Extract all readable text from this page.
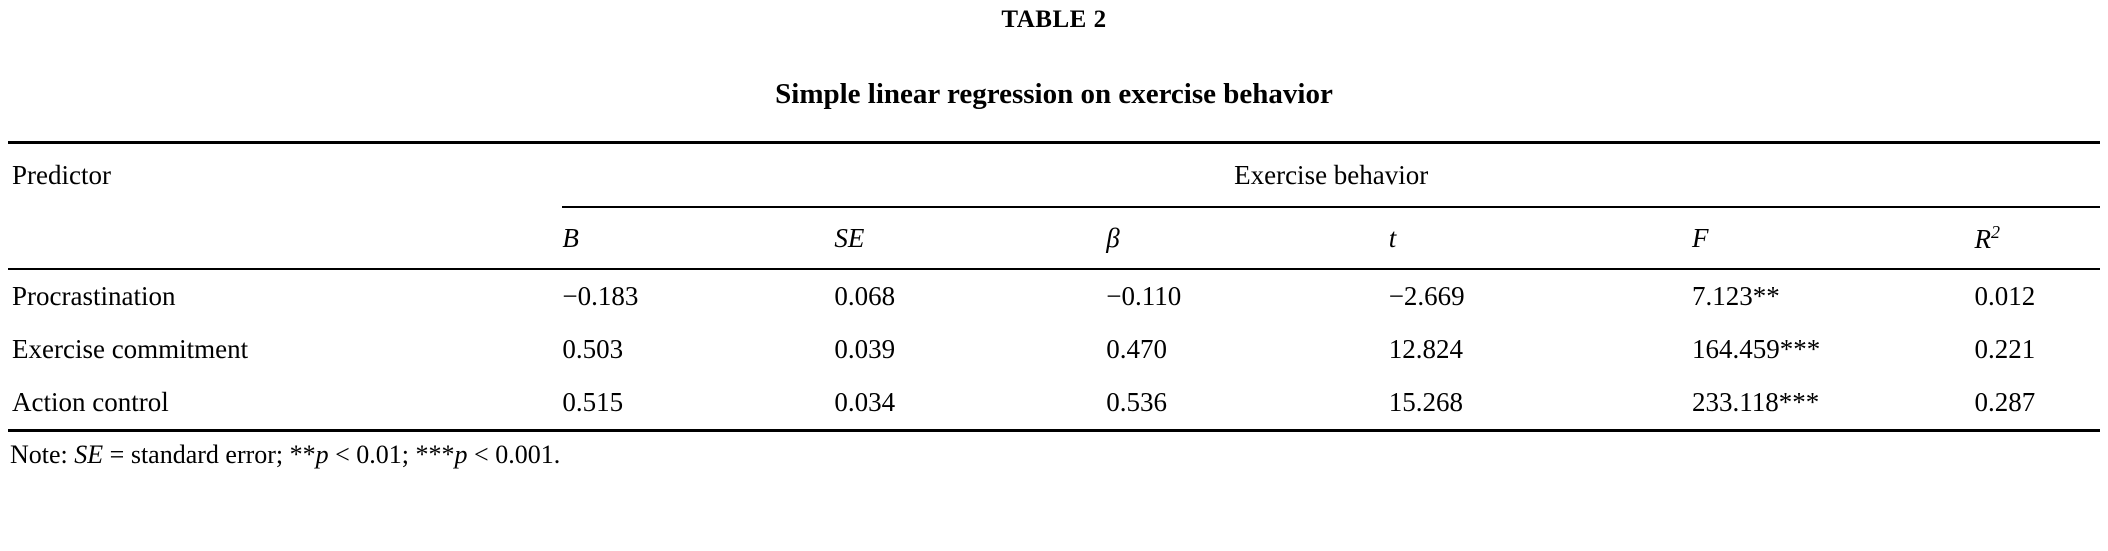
TABLE 2
Simple linear regression on exercise behavior
Predictor	Exercise behavior					

	B	SE	β	t	F	$R^2$

Procrastination	−0.183	0.068	−0.110	−2.669	7.123**	0.012
Exercise commitment	0.503	0.039	0.470	12.824	164.459***	0.221
Action control	0.515	0.034	0.536	15.268	233.118***	0.287
Note: SE = standard error; **p < 0.01; ***p < 0.001.
